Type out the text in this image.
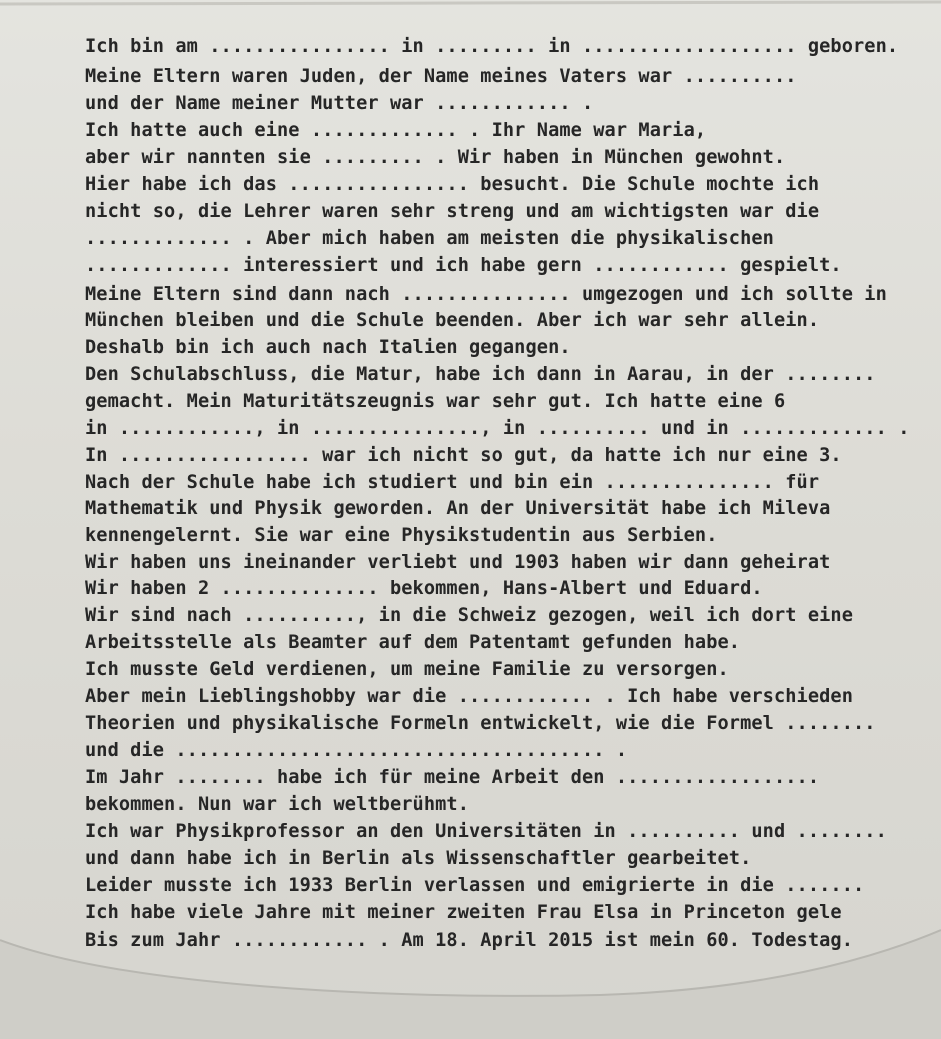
Ich bin am ................ in ......... in ................... geboren.
Meine Eltern waren Juden, der Name meines Vaters war ..........
und der Name meiner Mutter war ............ .
Ich hatte auch eine ............. . Ihr Name war Maria,
aber wir nannten sie ......... . Wir haben in München gewohnt.
Hier habe ich das ................ besucht. Die Schule mochte ich
nicht so, die Lehrer waren sehr streng und am wichtigsten war die
............. . Aber mich haben am meisten die physikalischen
............. interessiert und ich habe gern ............ gespielt.
Meine Eltern sind dann nach ............... umgezogen und ich sollte in
München bleiben und die Schule beenden. Aber ich war sehr allein.
Deshalb bin ich auch nach Italien gegangen.
Den Schulabschluss, die Matur, habe ich dann in Aarau, in der ........
gemacht. Mein Maturitätszeugnis war sehr gut. Ich hatte eine 6
in ............, in ..............., in .......... und in ............. .
In ................. war ich nicht so gut, da hatte ich nur eine 3.
Nach der Schule habe ich studiert und bin ein ............... für
Mathematik und Physik geworden. An der Universität habe ich Mileva
kennengelernt. Sie war eine Physikstudentin aus Serbien.
Wir haben uns ineinander verliebt und 1903 haben wir dann geheirat
Wir haben 2 .............. bekommen, Hans-Albert und Eduard.
Wir sind nach .........., in die Schweiz gezogen, weil ich dort eine
Arbeitsstelle als Beamter auf dem Patentamt gefunden habe.
Ich musste Geld verdienen, um meine Familie zu versorgen.
Aber mein Lieblingshobby war die ............ . Ich habe verschieden
Theorien und physikalische Formeln entwickelt, wie die Formel ........
und die ...................................... .
Im Jahr ........ habe ich für meine Arbeit den ..................
bekommen. Nun war ich weltberühmt.
Ich war Physikprofessor an den Universitäten in .......... und ........
und dann habe ich in Berlin als Wissenschaftler gearbeitet.
Leider musste ich 1933 Berlin verlassen und emigrierte in die .......
Ich habe viele Jahre mit meiner zweiten Frau Elsa in Princeton gele
Bis zum Jahr ............ . Am 18. April 2015 ist mein 60. Todestag.
